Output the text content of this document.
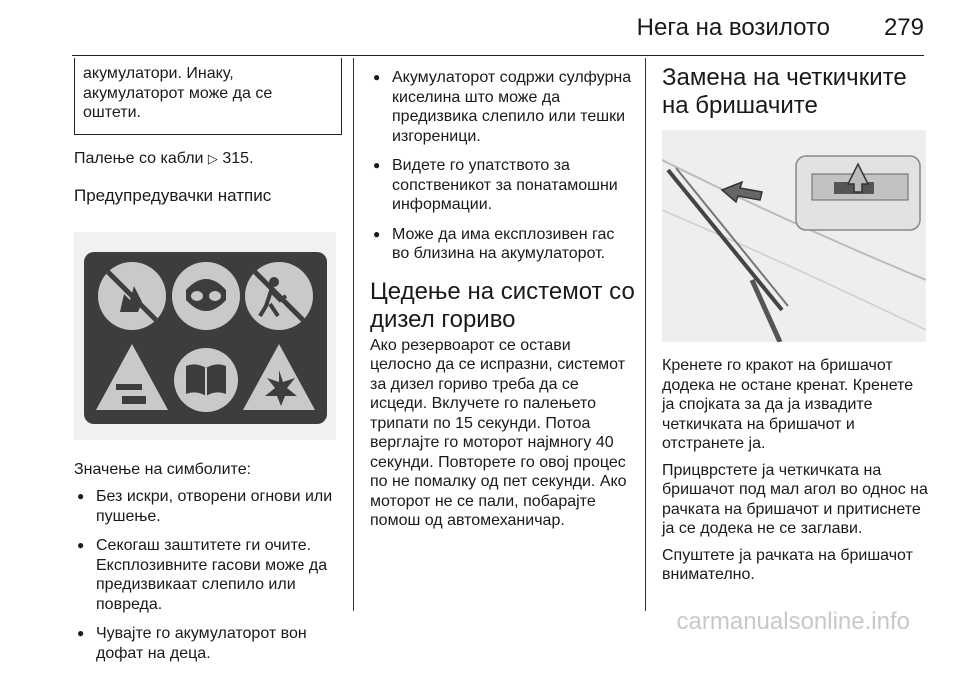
Нега на возилото 279

акумулатори. Инаку,

акумулаторот може да се

оштети.

Палење со кабли ▷ 315.

Предупредувачки натпис

Значење на симболите:

● Без искри, отворени огнови или пушење.
● Секогаш заштитете ги очите. Експлозивните гасови може да предизвикаат слепило или повреда.
● Чувајте го акумулаторот вон дофат на деца.
● Акумулаторот содржи сулфурна киселина што може да предизвика слепило или тешки изгореници.
● Видете го упатството за сопственикот за понатамошни информации.
● Може да има експлозивен гас во близина на акумулаторот.
Цедење на системот со дизел гориво

Ако резервоарот се остави целосно да се испразни, системот за дизел гориво треба да се исцеди. Вклучете го палењето трипати по 15 секунди. Потоа верглајте го моторот најмногу 40 секунди. Повторете го овој процес по не помалку од пет секунди. Ако моторот не се пали, побарајте помош од автомеханичар.

Замена на четкичките на бришачите

Кренете го кракот на бришачот додека не остане кренат. Кренете ја спојката за да ја извадите четкичката на бришачот и отстранете ја.

Прицврстете ја четкичката на бришачот под мал агол во однос на рачката на бришачот и притиснете ја се додека не се заглави.

Спуштете ја рачката на бришачот внимателно.

carmanualsonline.info
